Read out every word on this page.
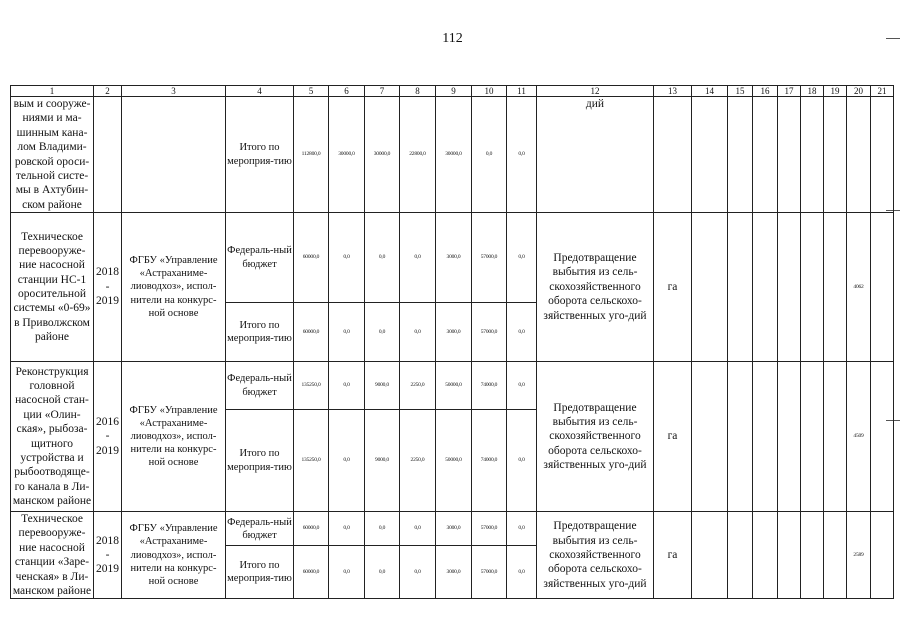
112
1	2	3	4	5	6	7	8	9	10	11	12	13	14	15	16	17	18	19	20	21
вым и сооруже-ниями и ма-шинным кана-лом Владими-ровской ороси-тельной систе-мы в Ахтубин-ском районе			Итого по мероприя-тию	112800,0	30000,0	30000,0	22800,0	30000,0	0,0	0,0	дий									
Техническое перевооруже-ние насосной станции НС-1 оросительной системы «0-69» в Приволжском районе	2018 - 2019	ФГБУ «Управление «Астраханиме-лиоводхоз», испол-нители на конкурс-ной основе	Федераль-ный бюджет	60000,0	0,0	0,0	0,0	3000,0	57000,0	0,0	Предотвращение выбытия из сель-скохозяйственного оборота сельскохо-зяйственных уго-дий	га							4062	
			Итого по мероприя-тию	60000,0	0,0	0,0	0,0	3000,0	57000,0	0,0										
Реконструкция головной насосной стан-ции «Олин-ская», рыбоза-щитного устройства и рыбоотводяще-го канала в Ли-манском районе	2016 - 2019	ФГБУ «Управление «Астраханиме-лиоводхоз», испол-нители на конкурс-ной основе	Федераль-ный бюджет	135250,0	0,0	9000,0	2250,0	50000,0	74000,0	0,0	Предотвращение выбытия из сель-скохозяйственного оборота сельскохо-зяйственных уго-дий	га							4509	
			Итого по мероприя-тию	135250,0	0,0	9000,0	2250,0	50000,0	74000,0	0,0										
Техническое перевооруже-ние насосной станции «Заре-ченская» в Ли-манском районе	2018 - 2019	ФГБУ «Управление «Астраханиме-лиоводхоз», испол-нители на конкурс-ной основе	Федераль-ный бюджет	60000,0	0,0	0,0	0,0	3000,0	57000,0	0,0	Предотвращение выбытия из сель-скохозяйственного оборота сельскохо-зяйственных уго-дий	га							2589	
			Итого по мероприя-тию	60000,0	0,0	0,0	0,0	3000,0	57000,0	0,0										
